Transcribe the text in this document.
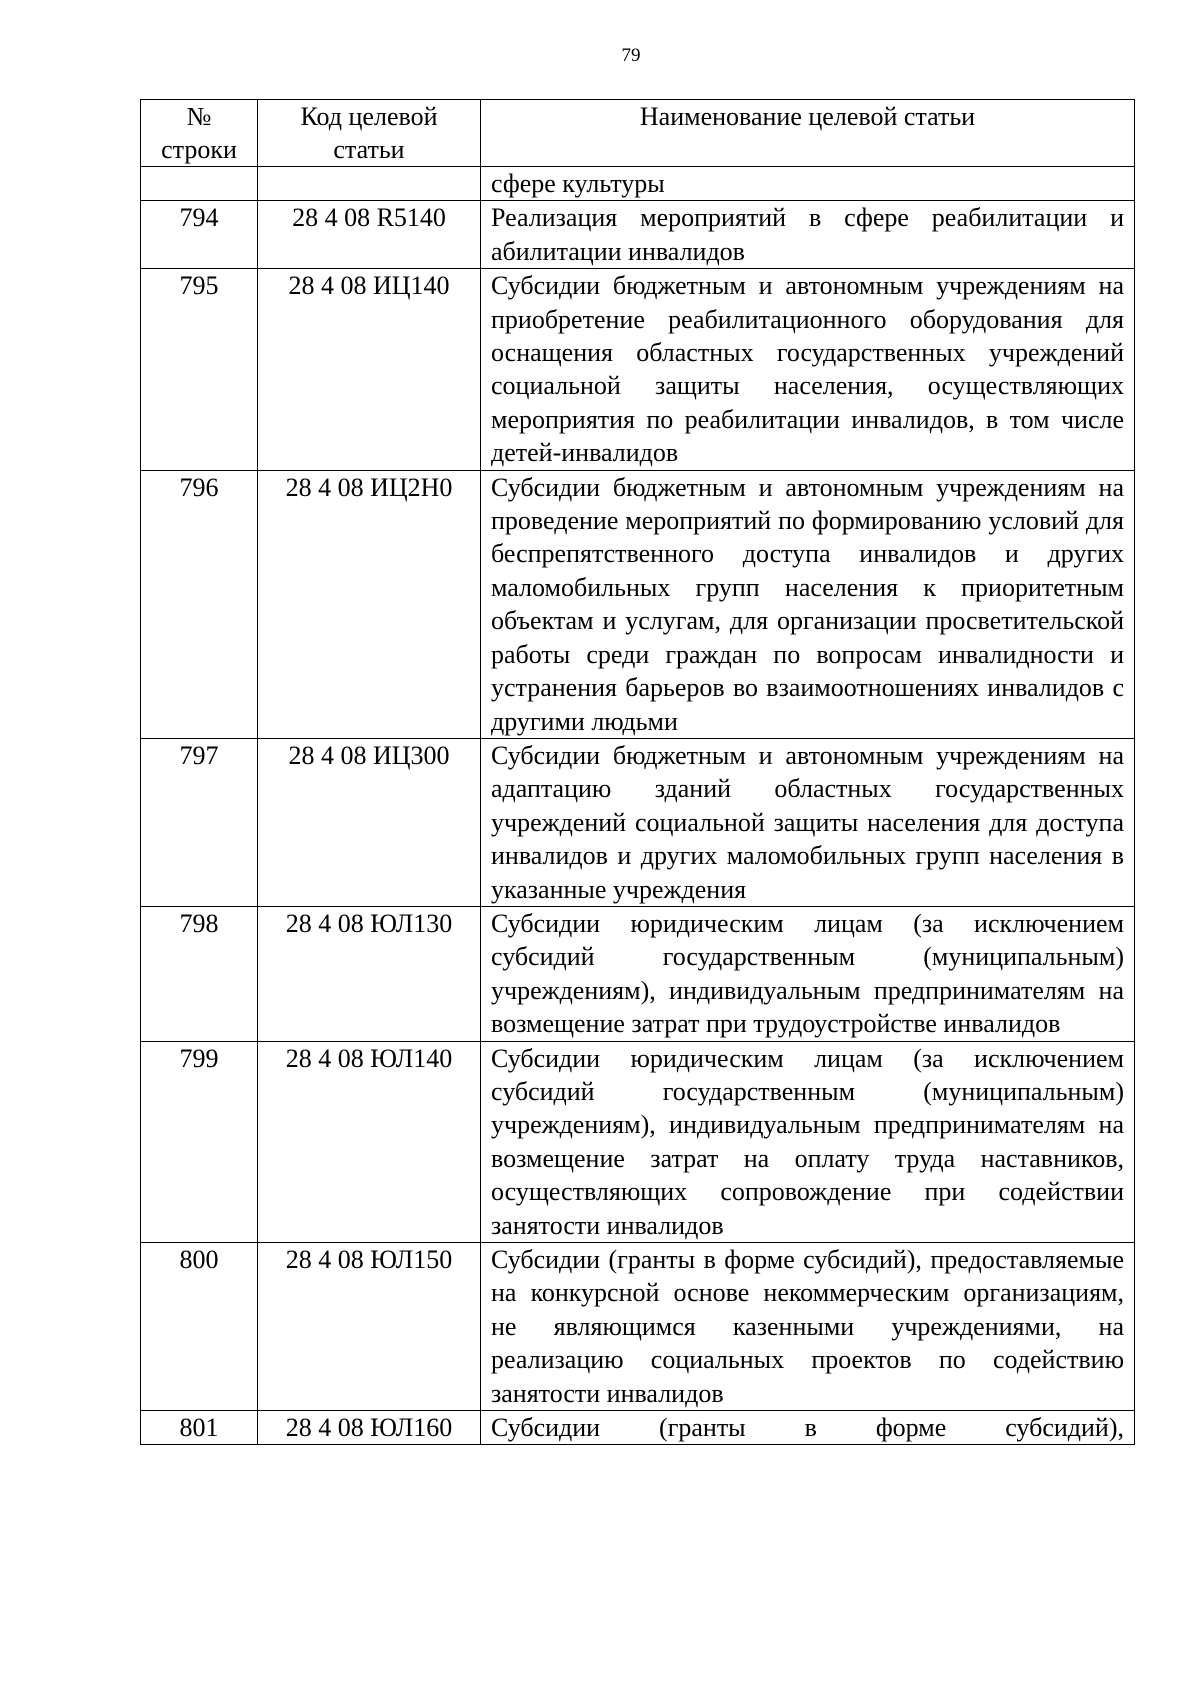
79
№ строки	Код целевой статьи	Наименование целевой статьи
		сфере культуры
794	28 4 08 R5140	Реализация мероприятий в сфере реабилитации и абилитации инвалидов
795	28 4 08 ИЦ140	Субсидии бюджетным и автономным учреждениям на приобретение реабилитационного оборудования для оснащения областных государственных учреждений социальной защиты населения, осуществляющих мероприятия по реабилитации инвалидов, в том числе детей-инвалидов
796	28 4 08 ИЦ2Н0	Субсидии бюджетным и автономным учреждениям на проведение мероприятий по формированию условий для беспрепятственного доступа инвалидов и других маломобильных групп населения к приоритетным объектам и услугам, для организации просветительской работы среди граждан по вопросам инвалидности и устранения барьеров во взаимоотношениях инвалидов с другими людьми
797	28 4 08 ИЦ300	Субсидии бюджетным и автономным учреждениям на адаптацию зданий областных государственных учреждений социальной защиты населения для доступа инвалидов и других маломобильных групп населения в указанные учреждения
798	28 4 08 ЮЛ130	Субсидии юридическим лицам (за исключением субсидий государственным (муниципальным) учреждениям), индивидуальным предпринимателям на возмещение затрат при трудоустройстве инвалидов
799	28 4 08 ЮЛ140	Субсидии юридическим лицам (за исключением субсидий государственным (муниципальным) учреждениям), индивидуальным предпринимателям на возмещение затрат на оплату труда наставников, осуществляющих сопровождение при содействии занятости инвалидов
800	28 4 08 ЮЛ150	Субсидии (гранты в форме субсидий), предоставляемые на конкурсной основе некоммерческим организациям, не являющимся казенными учреждениями, на реализацию социальных проектов по содействию занятости инвалидов
801	28 4 08 ЮЛ160	Субсидии (гранты в форме субсидий),
